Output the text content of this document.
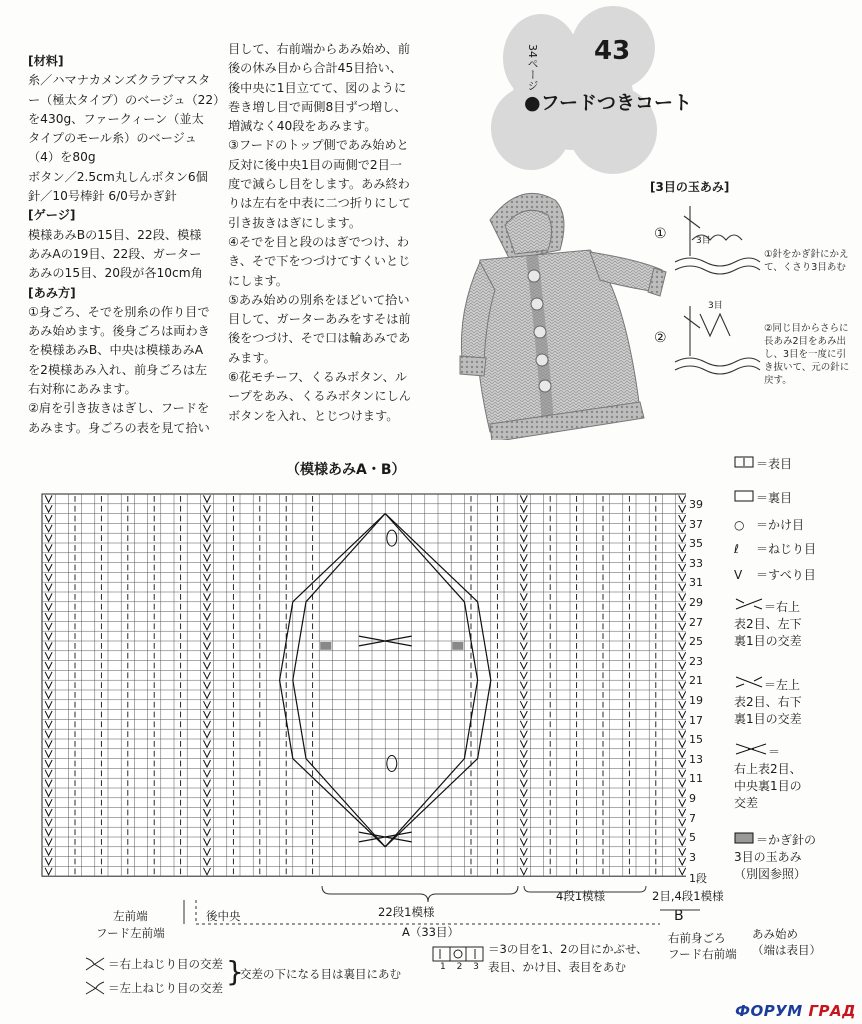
[材料]

糸／ハマナカメンズクラブマスタ

ー（極太タイプ）のベージュ（22）

を430g、ファークィーン（並太

タイプのモール糸）のベージュ

（4）を80g

ボタン／2.5cm丸しんボタン6個

針／10号棒針 6/0号かぎ針

[ゲージ]

模様あみBの15目、22段、模様

あみAの19目、22段、ガーター

あみの15目、20段が各10cm角

[あみ方]

①身ごろ、そでを別糸の作り目で

あみ始めます。後身ごろは両わき

を模様あみB、中央は模様あみA

を2模様あみ入れ、前身ごろは左

右対称にあみます。

②肩を引き抜きはぎし、フードを

あみます。身ごろの表を見て拾い

目して、右前端からあみ始め、前

後の休み目から合計45目拾い、

後中央に1目立てて、図のように

巻き増し目で両側8目ずつ増し、

増減なく40段をあみます。

③フードのトップ側であみ始めと

反対に後中央1目の両側で2目一

度で減らし目をします。あみ終わ

りは左右を中表に二つ折りにして

引き抜きはぎにします。

④そでを目と段のはぎでつけ、わ

き、そで下をつづけてすくいとじ

にします。

⑤あみ始めの別糸をほどいて拾い

目して、ガーターあみをすそは前

後をつづけ、そで口は輪あみであ

みます。

⑥花モチーフ、くるみボタン、ル

ープをあみ、くるみボタンにしん

ボタンを入れ、とじつけます。

34ページ 43
●フードつきコート
[3目の玉あみ]
①
②
3目
3目
①針をかぎ針にかえ
て、くさり3目あむ
②同じ目からさらに
長あみ2目をあみ出
し、3目を一度に引
き抜いて、元の針に
戻す。
（模様あみA・B）
39
37
35
33
31
29
27
25
23
21
19
17
15
13
11
9
7
5
3
1段
＝表目
＝裏目
○ ＝かけ目
ℓ ＝ねじり目
V ＝すべり目
＝右上
表2目、左下
裏1目の交差
＝左上
表2目、右下
裏1目の交差
＝
右上表2目、
中央裏1目の
交差
＝かぎ針の
3目の玉あみ
（別図参照）
左前端
フード左前端
後中央	22段1模様
4段1模様	2目,4段1模様
A（33目）
B
右前身ごろ
フード右前端
あみ始め
（端は表目）
＝右上ねじり目の交差
＝左上ねじり目の交差 }
交差の下になる目は裏目にあむ	1 2 3
＝3の目を1、2の目にかぶせ、
表目、かけ目、表目をあむ
ФОРУМ ГРАД
